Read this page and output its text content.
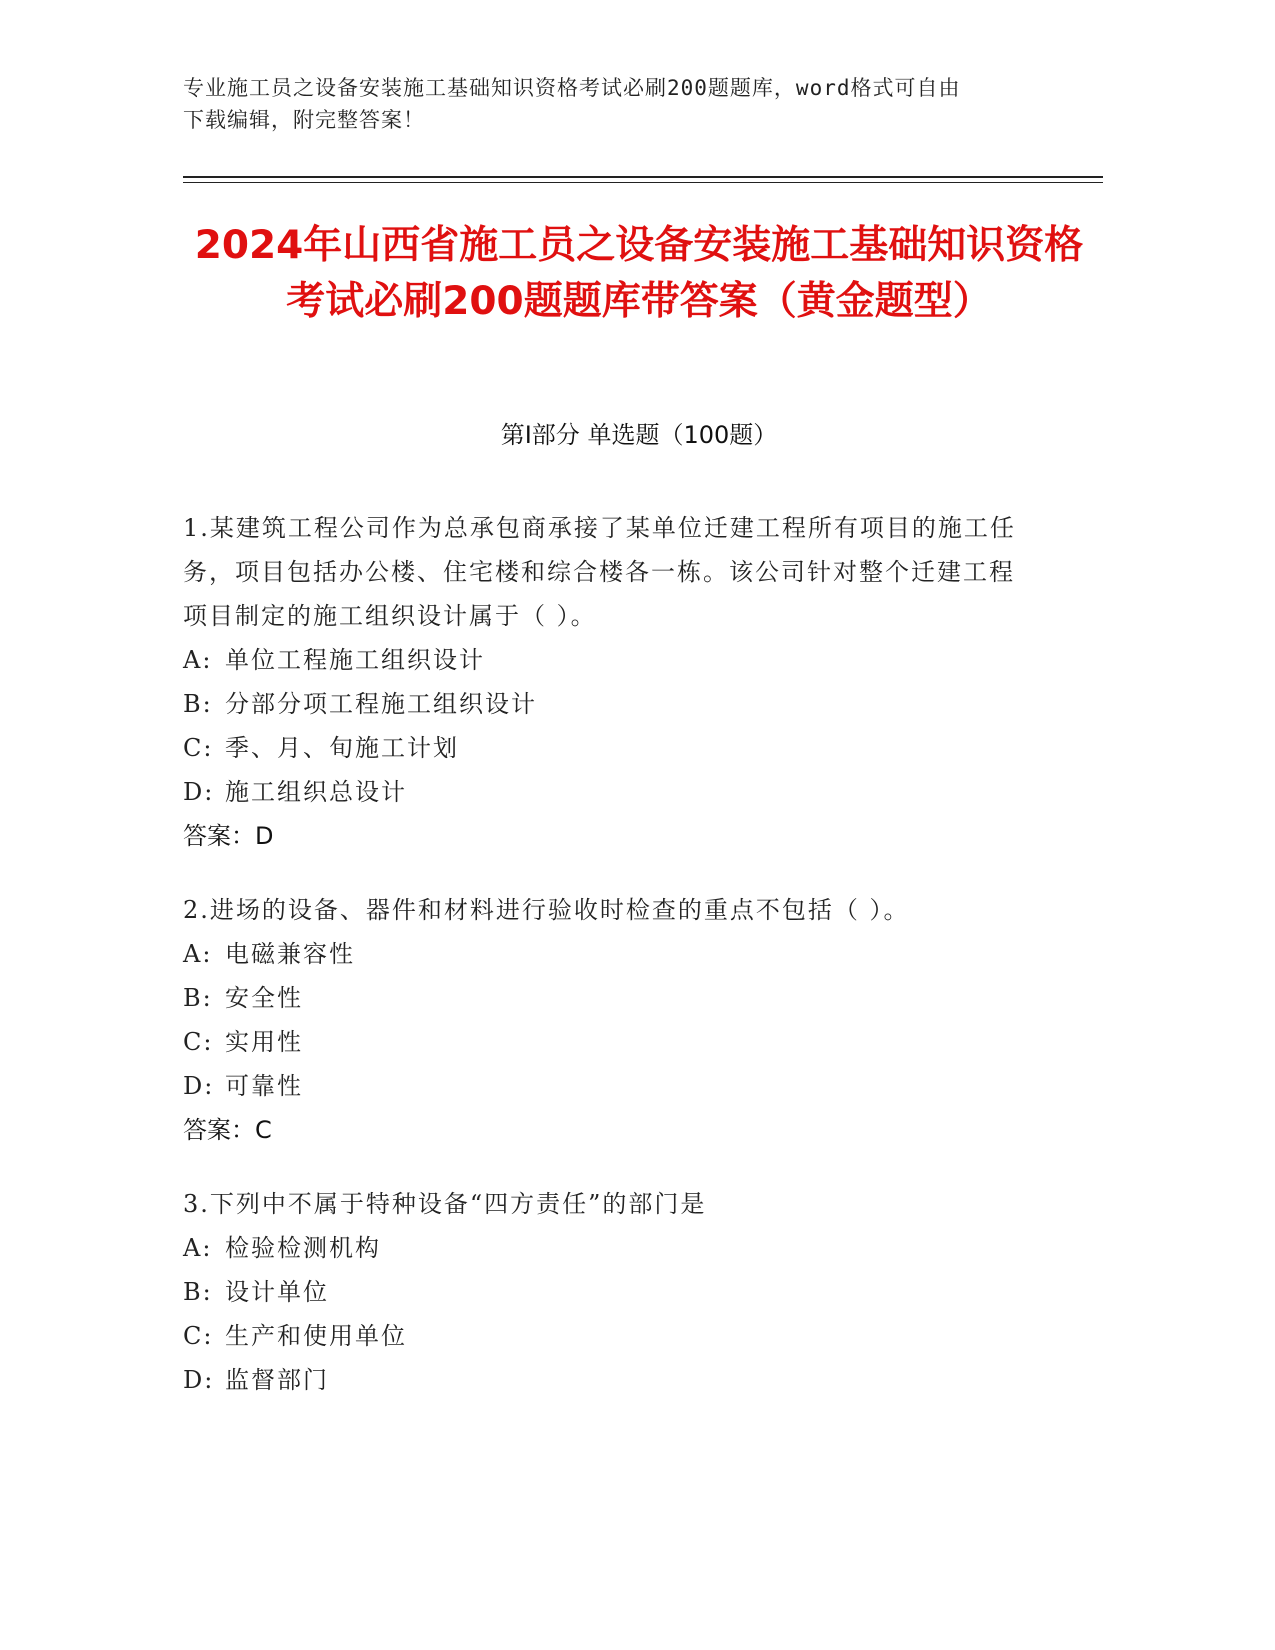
专业施工员之设备安装施工基础知识资格考试必刷200题题库，word格式可自由
下载编辑，附完整答案！
2024年山西省施工员之设备安装施工基础知识资格考试必刷200题题库带答案（黄金题型）
第I部分 单选题（100题）
1.某建筑工程公司作为总承包商承接了某单位迁建工程所有项目的施工任务，项目包括办公楼、住宅楼和综合楼各一栋。该公司针对整个迁建工程项目制定的施工组织设计属于（ ）。
A: 单位工程施工组织设计
B: 分部分项工程施工组织设计
C: 季、月、旬施工计划
D: 施工组织总设计
答案：D
2.进场的设备、器件和材料进行验收时检查的重点不包括（ ）。
A: 电磁兼容性
B: 安全性
C: 实用性
D: 可靠性
答案：C
3.下列中不属于特种设备“四方责任”的部门是
A: 检验检测机构
B: 设计单位
C: 生产和使用单位
D: 监督部门
